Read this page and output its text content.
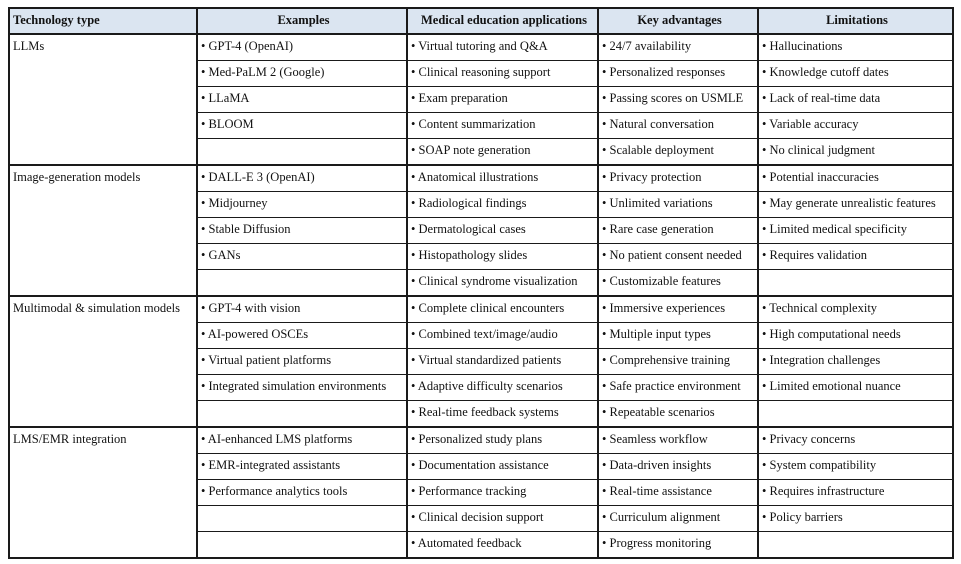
Technology type	Examples	Medical education applications	Key advantages	Limitations
LLMs	• GPT-4 (OpenAI)	• Virtual tutoring and Q&A	• 24/7 availability	• Hallucinations
	• Med-PaLM 2 (Google)	• Clinical reasoning support	• Personalized responses	• Knowledge cutoff dates
	• LLaMA	• Exam preparation	• Passing scores on USMLE	• Lack of real-time data
	• BLOOM	• Content summarization	• Natural conversation	• Variable accuracy
		• SOAP note generation	• Scalable deployment	• No clinical judgment
Image-generation models	• DALL-E 3 (OpenAI)	• Anatomical illustrations	• Privacy protection	• Potential inaccuracies
	• Midjourney	• Radiological findings	• Unlimited variations	• May generate unrealistic features
	• Stable Diffusion	• Dermatological cases	• Rare case generation	• Limited medical specificity
	• GANs	• Histopathology slides	• No patient consent needed	• Requires validation
		• Clinical syndrome visualization	• Customizable features	
Multimodal & simulation models	• GPT-4 with vision	• Complete clinical encounters	• Immersive experiences	• Technical complexity
	• AI-powered OSCEs	• Combined text/image/audio	• Multiple input types	• High computational needs
	• Virtual patient platforms	• Virtual standardized patients	• Comprehensive training	• Integration challenges
	• Integrated simulation environments	• Adaptive difficulty scenarios	• Safe practice environment	• Limited emotional nuance
		• Real-time feedback systems	• Repeatable scenarios	
LMS/EMR integration	• AI-enhanced LMS platforms	• Personalized study plans	• Seamless workflow	• Privacy concerns
	• EMR-integrated assistants	• Documentation assistance	• Data-driven insights	• System compatibility
	• Performance analytics tools	• Performance tracking	• Real-time assistance	• Requires infrastructure
		• Clinical decision support	• Curriculum alignment	• Policy barriers
		• Automated feedback	• Progress monitoring	
